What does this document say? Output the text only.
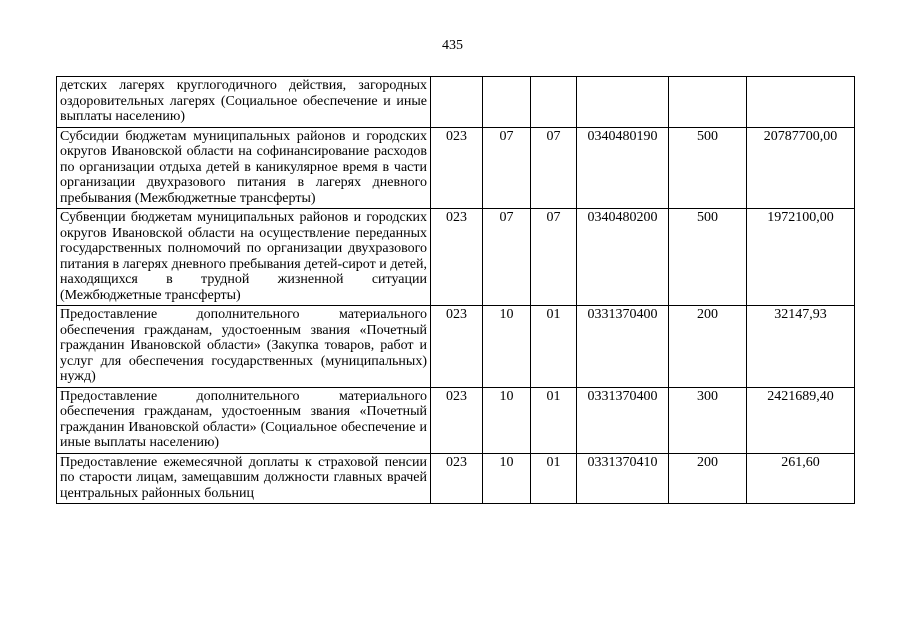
435
детских лагерях круглогодичного действия, загородных оздоровительных лагерях (Социальное обеспечение и иные выплаты населению)						
Субсидии бюджетам муниципальных районов и городских округов Ивановской области на софинансирование расходов по организации отдыха детей в каникулярное время в части организации двухразового питания в лагерях дневного пребывания (Межбюджетные трансферты)	023	07	07	0340480190	500	20787700,00
Субвенции бюджетам муниципальных районов и городских округов Ивановской области на осуществление переданных государственных полномочий по организации двухразового питания в лагерях дневного пребывания детей-сирот и детей, находящихся в трудной жизненной ситуации (Межбюджетные трансферты)	023	07	07	0340480200	500	1972100,00
Предоставление дополнительного материального обеспечения гражданам, удостоенным звания «Почетный гражданин Ивановской области» (Закупка товаров, работ и услуг для обеспечения государственных (муниципальных) нужд)	023	10	01	0331370400	200	32147,93
Предоставление дополнительного материального обеспечения гражданам, удостоенным звания «Почетный гражданин Ивановской области» (Социальное обеспечение и иные выплаты населению)	023	10	01	0331370400	300	2421689,40

Предоставление ежемесячной доплаты к страховой пенсии по старости лицам, замещавшим должности главных врачей центральных районных больниц	023	10	01	0331370410	200	261,60
